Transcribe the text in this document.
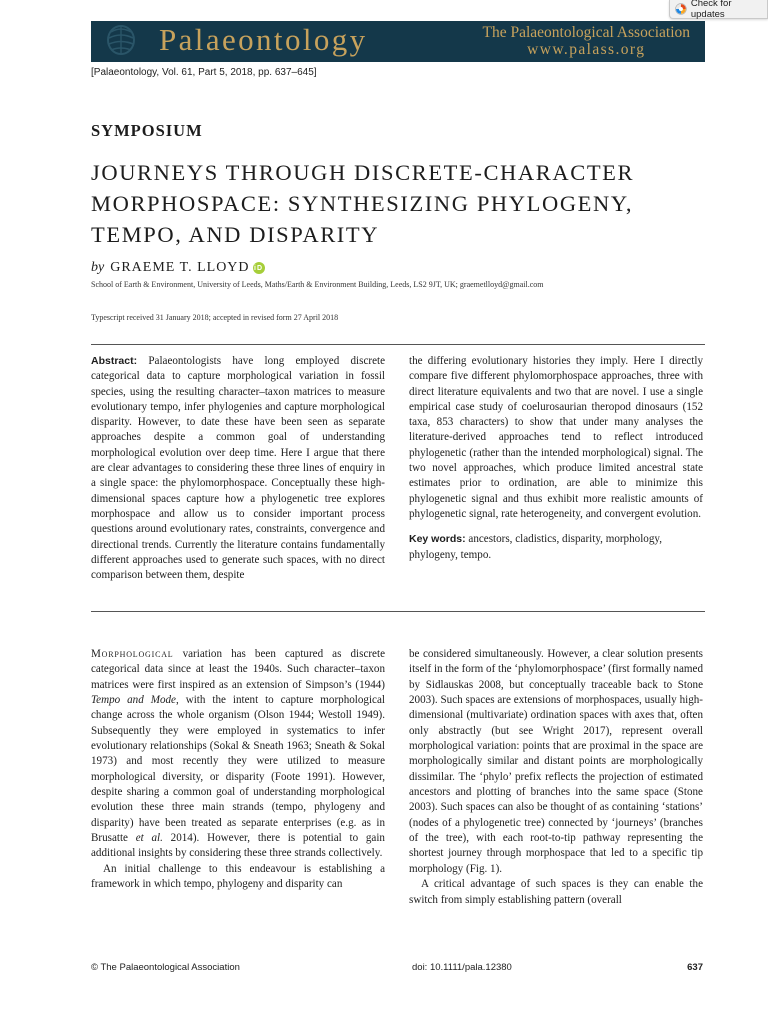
Check for updates
Palaeontology	The Palaeontological Association
www.palass.org
[Palaeontology, Vol. 61, Part 5, 2018, pp. 637–645]
SYMPOSIUM
JOURNEYS THROUGH DISCRETE-CHARACTER
MORPHOSPACE: SYNTHESIZING PHYLOGENY,
TEMPO, AND DISPARITY
by GRAEME T. LLOYD iD
School of Earth & Environment, University of Leeds, Maths/Earth & Environment Building, Leeds, LS2 9JT, UK; graemetlloyd@gmail.com
Typescript received 31 January 2018; accepted in revised form 27 April 2018
Abstract: Palaeontologists have long employed discrete categorical data to capture morphological variation in fossil species, using the resulting character–taxon matrices to measure evolutionary tempo, infer phylogenies and capture morphological disparity. However, to date these have been seen as separate approaches despite a common goal of understanding morphological evolution over deep time. Here I argue that there are clear advantages to considering these three lines of enquiry in a single space: the phylomorphospace. Conceptually these high-dimensional spaces capture how a phylogenetic tree explores morphospace and allow us to consider important process questions around evolutionary rates, constraints, convergence and directional trends. Currently the literature contains fundamentally different approaches used to generate such spaces, with no direct comparison between them, despite
the differing evolutionary histories they imply. Here I directly compare five different phylomorphospace approaches, three with direct literature equivalents and two that are novel. I use a single empirical case study of coelurosaurian theropod dinosaurs (152 taxa, 853 characters) to show that under many analyses the literature-derived approaches tend to reflect introduced phylogenetic (rather than the intended morphological) signal. The two novel approaches, which produce limited ancestral state estimates prior to ordination, are able to minimize this phylogenetic signal and thus exhibit more realistic amounts of phylogenetic signal, rate heterogeneity, and convergent evolution.
Key words: ancestors, cladistics, disparity, morphology, phylogeny, tempo.
Morphological variation has been captured as discrete categorical data since at least the 1940s. Such character–taxon matrices were first inspired as an extension of Simpson’s (1944) Tempo and Mode, with the intent to capture morphological change across the whole organism (Olson 1944; Westoll 1949). Subsequently they were employed in systematics to infer evolutionary relationships (Sokal & Sneath 1963; Sneath & Sokal 1973) and most recently they were utilized to measure morphological diversity, or disparity (Foote 1991). However, despite sharing a common goal of understanding morphological evolution these three main strands (tempo, phylogeny and disparity) have been treated as separate enterprises (e.g. as in Brusatte et al. 2014). However, there is potential to gain additional insights by considering these three strands collectively.
An initial challenge to this endeavour is establishing a framework in which tempo, phylogeny and disparity can
be considered simultaneously. However, a clear solution presents itself in the form of the ‘phylomorphospace’ (first formally named by Sidlauskas 2008, but conceptually traceable back to Stone 2003). Such spaces are extensions of morphospaces, usually high-dimensional (multivariate) ordination spaces with axes that, often only abstractly (but see Wright 2017), represent overall morphological variation: points that are proximal in the space are morphologically similar and distant points are morphologically dissimilar. The ‘phylo’ prefix reflects the projection of estimated ancestors and plotting of branches into the same space (Stone 2003). Such spaces can also be thought of as containing ‘stations’ (nodes of a phylogenetic tree) connected by ‘journeys’ (branches of the tree), with each root-to-tip pathway representing the shortest journey through morphospace that led to a specific tip morphology (Fig. 1).
A critical advantage of such spaces is they can enable the switch from simply establishing pattern (overall
© The Palaeontological Association	doi: 10.1111/pala.12380	637
